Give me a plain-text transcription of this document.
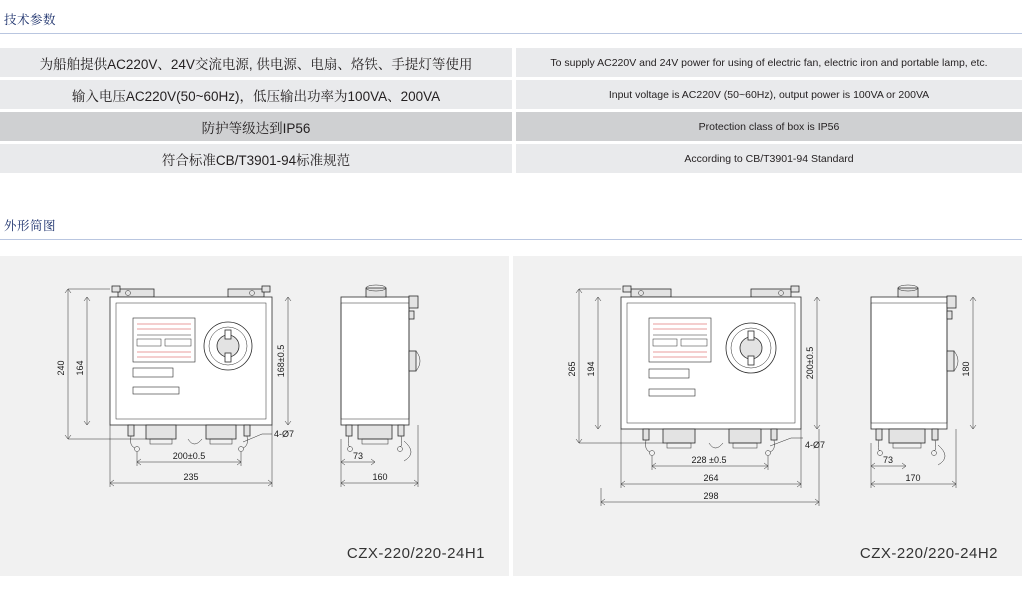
技术参数
为船舶提供AC220V、24V交流电源, 供电源、电扇、烙铁、手提灯等使用	To supply AC220V and 24V power for using of electric fan, electric iron and portable lamp, etc.
输入电压AC220V(50~60Hz)，低压输出功率为100VA、200VA	Input voltage is AC220V (50~60Hz), output power is 100VA or 200VA
防护等级达到IP56	Protection class of box is IP56
符合标准CB/T3901-94标准规范	According to CB/T3901-94 Standard
外形简图
240 164	168±0.5
4-Ø7
200±0.5
235
73
160
CZX-220/220-24H1
265 194	200±0.5
4-Ø7
228 ±0.5
264
298
180
73
170
CZX-220/220-24H2
